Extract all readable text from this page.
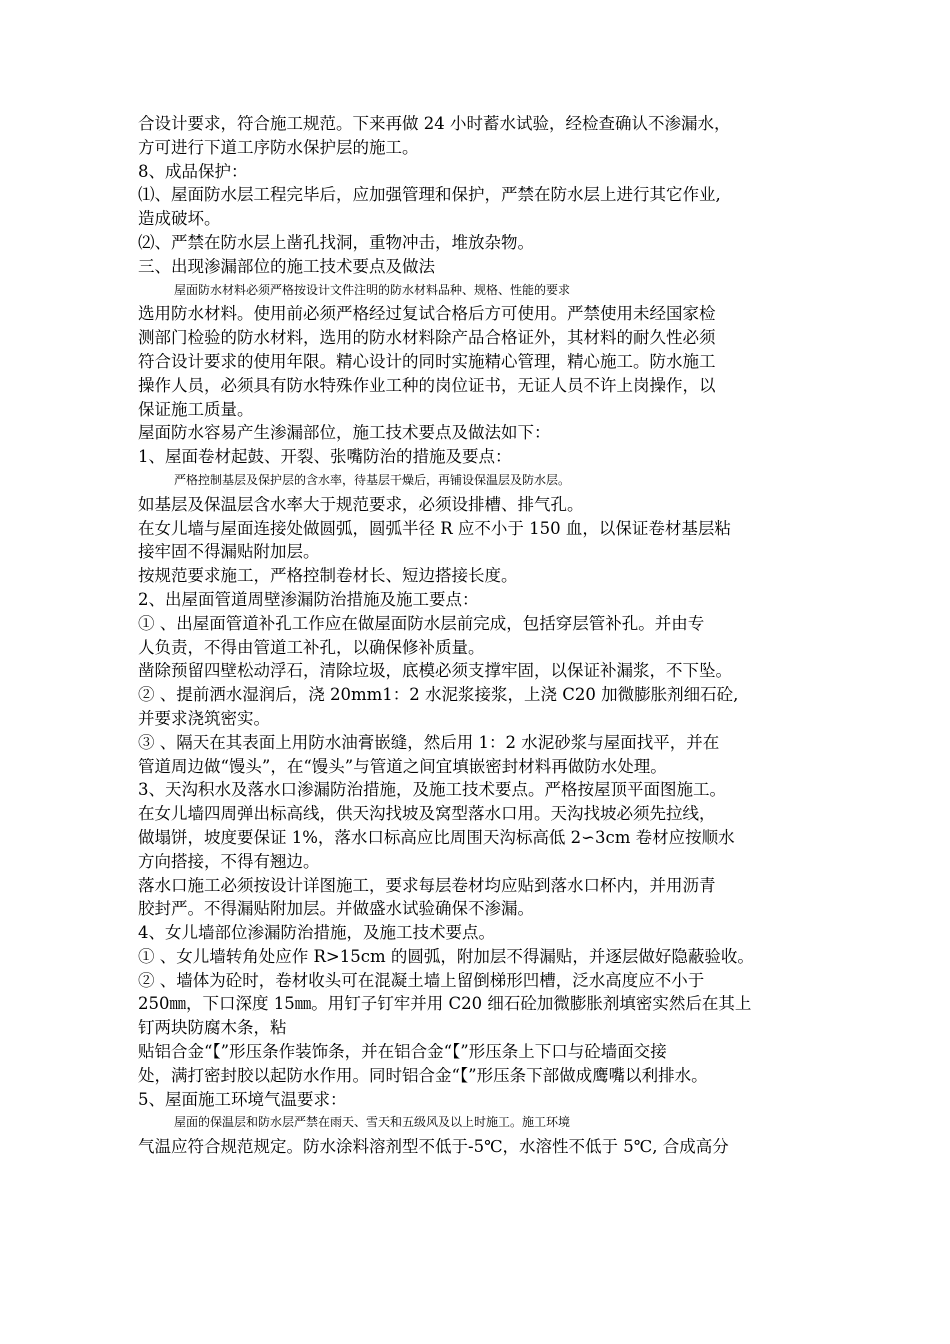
合设计要求，符合施工规范。下来再做 24 小时蓄水试验，经检查确认不渗漏水，
方可进行下道工序防水保护层的施工。
8、成品保护：
⑴、屋面防水层工程完毕后，应加强管理和保护，严禁在防水层上进行其它作业,
造成破坏。
⑵、严禁在防水层上凿孔找洞，重物冲击，堆放杂物。
三、出现渗漏部位的施工技术要点及做法
屋面防水材料必须严格按设计文件注明的防水材料品种、规格、性能的要求
选用防水材料。使用前必须严格经过复试合格后方可使用。严禁使用未经国家检
测部门检验的防水材料，选用的防水材料除产品合格证外，其材料的耐久性必须
符合设计要求的使用年限。精心设计的同时实施精心管理，精心施工。防水施工
操作人员，必须具有防水特殊作业工种的岗位证书，无证人员不许上岗操作，以
保证施工质量。
屋面防水容易产生渗漏部位，施工技术要点及做法如下：
1、屋面卷材起鼓、开裂、张嘴防治的措施及要点：
严格控制基层及保护层的含水率，待基层干燥后，再铺设保温层及防水层。
如基层及保温层含水率大于规范要求，必须设排槽、排气孔。
在女儿墙与屋面连接处做圆弧，圆弧半径 R 应不小于 150 血，以保证卷材基层粘
接牢固不得漏贴附加层。
按规范要求施工，严格控制卷材长、短边搭接长度。
2、出屋面管道周壁渗漏防治措施及施工要点：
① 、出屋面管道补孔工作应在做屋面防水层前完成，包括穿层管补孔。并由专
人负责，不得由管道工补孔，以确保修补质量。
凿除预留四壁松动浮石，清除垃圾，底模必须支撑牢固，以保证补漏浆，不下坠。
② 、提前洒水湿润后，浇 20mm1：2 水泥浆接浆，上浇 C20 加微膨胀剂细石砼,
并要求浇筑密实。
③ 、隔天在其表面上用防水油膏嵌缝，然后用 1：2 水泥砂浆与屋面找平，并在
管道周边做“馒头”，在“馒头”与管道之间宜填嵌密封材料再做防水处理。
3、天沟积水及落水口渗漏防治措施，及施工技术要点。严格按屋顶平面图施工。
在女儿墙四周弹出标高线，供天沟找坡及窝型落水口用。天沟找坡必须先拉线，
做塌饼，坡度要保证 1%，落水口标高应比周围天沟标高低 2∽3cm 卷材应按顺水
方向搭接，不得有翘边。
落水口施工必须按设计详图施工，要求每层卷材均应贴到落水口杯内，并用沥青
胶封严。不得漏贴附加层。并做盛水试验确保不渗漏。
4、女儿墙部位渗漏防治措施，及施工技术要点。
① 、女儿墙转角处应作 R>15cm 的圆弧，附加层不得漏贴，并逐层做好隐蔽验收。
② 、墙体为砼时，卷材收头可在混凝土墙上留倒梯形凹槽，泛水高度应不小于
250㎜，下口深度 15㎜。用钉子钉牢并用 C20 细石砼加微膨胀剂填密实然后在其上
钉两块防腐木条，粘
贴铝合金“【”形压条作装饰条，并在铝合金“【”形压条上下口与砼墙面交接
处，满打密封胶以起防水作用。同时铝合金“【”形压条下部做成鹰嘴以利排水。
5、屋面施工环境气温要求：
屋面的保温层和防水层严禁在雨天、雪天和五级风及以上时施工。施工环境
气温应符合规范规定。防水涂料溶剂型不低于-5℃，水溶性不低于 5℃, 合成高分
